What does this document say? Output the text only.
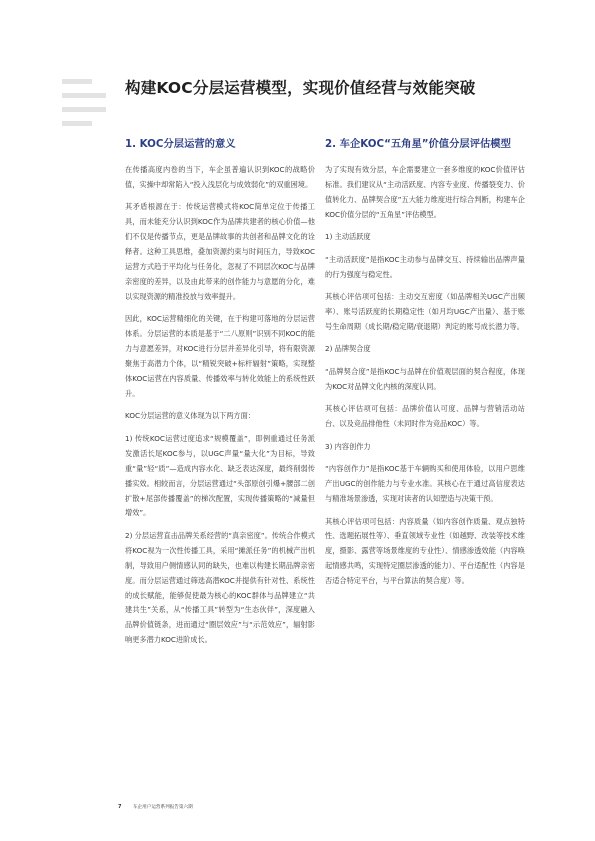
构建KOC分层运营模型，实现价值经营与效能突破
1. KOC分层运营的意义

在传播高度内卷的当下，车企虽普遍认识到KOC的战略价值，实操中却常陷入“投入浅层化与成效弱化”的双重困境。

其矛盾根源在于：传统运营模式将KOC简单定位于传播工具，而未能充分认识到KOC作为品牌共建者的核心价值—他们不仅是传播节点，更是品牌故事的共创者和品牌文化的诠释者。这种工具思维，叠加资源约束与时间压力，导致KOC运营方式趋于平均化与任务化，忽视了不同层次KOC与品牌亲密度的差异，以及由此带来的创作能力与意愿的分化，难以实现资源的精准投放与效率提升。

因此，KOC运营精细化的关键，在于构建可落地的分层运营体系。分层运营的本质是基于“二八原则”识别不同KOC的能力与意愿差异，对KOC进行分层并差异化引导，将有限资源聚焦于高潜力个体，以“精锐突破+标杆辐射”策略，实现整体KOC运营在内容质量、传播效率与转化效能上的系统性跃升。

KOC分层运营的意义体现为以下两方面：

1) 传统KOC运营过度追求“规模覆盖”，即例重通过任务派发激活长尾KOC参与，以UGC声量“量大化”为目标，导致重“量”轻“质”—造成内容水化、缺乏表达深度，最终削弱传播实效。相较而言，分层运营通过“头部原创引爆+腰部二创扩散+尾部传播覆盖”的梯次配置，实现传播策略的“减量但增效”。

2) 分层运营直击品牌关系经营的“真亲密度”。传统合作模式将KOC视为一次性传播工具，采用“摊派任务”的机械产出机制，导致用户侧情感认同的缺失，也难以构建长期品牌亲密度。而分层运营通过筛选高潜KOC并提供有针对性、系统性的成长赋能，能够促使最为核心的KOC群体与品牌建立“共建共生”关系，从“传播工具”转型为“生态伙伴”，深度融入品牌价值链条，进而通过“圈层效应”与“示范效应”，辐射影响更多潜力KOC进阶成长。

2. 车企KOC“五角星”价值分层评估模型

为了实现有效分层，车企需要建立一套多维度的KOC价值评估标准。我们建议从“主动活跃度、内容专业度、传播裂变力、价值转化力、品牌契合度”五大能力维度进行综合判断，构建车企KOC价值分层的“五角星”评估模型。

1) 主动活跃度

“主动活跃度”是指KOC主动参与品牌交互、持续输出品牌声量的行为强度与稳定性。

其核心评估项可包括：主动交互密度（如品牌相关UGC产出频率）、账号活跃度的长期稳定性（如月均UGC产出量）、基于账号生命周期（成长期/稳定期/衰退期）判定的账号成长潜力等。

2) 品牌契合度

“品牌契合度”是指KOC与品牌在价值观层面的契合程度，体现为KOC对品牌文化内核的深度认同。

其核心评估项可包括：品牌价值认可度、品牌与营销活动站台、以及竞品排他性（未同时作为竞品KOC）等。

3) 内容创作力

“内容创作力”是指KOC基于车辆购买和使用体验，以用户思维产出UGC的创作能力与专业水准。其核心在于通过高信度表达与精准场景渗透，实现对读者的认知塑造与决策干预。

其核心评估项可包括：内容质量（如内容创作质量、观点独特性、选题拓展性等）、垂直领域专业性（如越野、改装等技术维度，摄影、露营等场景维度的专业性）、情感渗透效能（内容唤起情感共鸣，实现特定圈层渗透的能力）、平台适配性（内容是否适合特定平台，与平台算法的契合度）等。

7 车企用户运营系列报告第六期
